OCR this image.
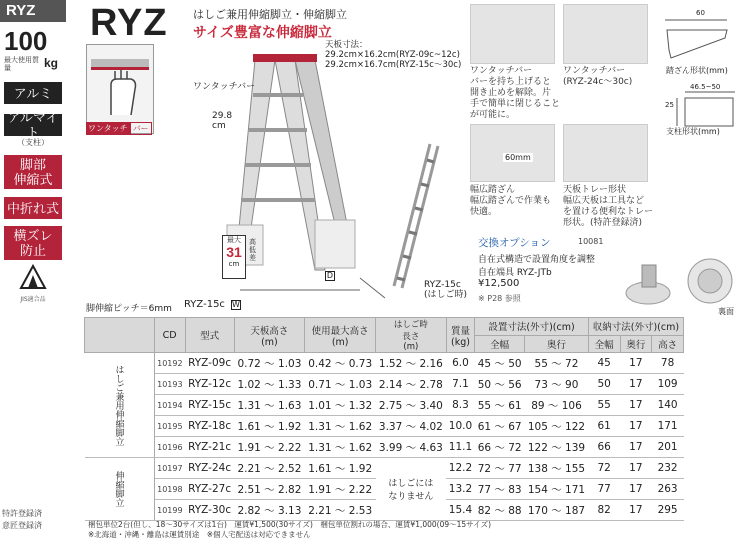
RYZ
100
最大使用質量	kg
アルミ
アルマイト
（支柱）
脚部
伸縮式
中折れ式
横ズレ
防止
JIS適合品
特許登録済
意匠登録済
RYZ はしご兼用伸縮脚立・伸縮脚立
サイズ豊富な伸縮脚立
ワンタッチ バー
天板寸法：
29.2cm×16.2cm(RYZ-09c~12c)
29.2cm×16.7cm(RYZ-15c～30c)
ワンタッチバー
29.8
cm
最大
31
cm
高低差
RYZ-15c W
D
脚伸縮ピッチ＝6mm
RYZ-15c
(はしご時)
ワンタッチバー
バーを持ち上げると
開き止めを解除。片
手で簡単に閉じることが可能に。
ワンタッチバー
(RYZ-24c～30c)
60mm
幅広踏ざん
幅広踏ざんで作業も
快適。
天板トレー形状
幅広天板は工具など
を置ける便利なトレー
形状。(特許登録済)
60
踏ざん形状(mm)
46.5~50
25
支柱形状(mm)
交換オプション	10081
自在式構造で設置角度を調整
自在端具 RYZ-JTb
¥12,500
※ P28 参照
裏面
	CD	型式	天板高さ
(m)	使用最大高さ
(m)	はしご時
長さ
(m)	質量
(kg)	設置寸法(外寸)(cm)		収納寸法(外寸)(cm)		
							全幅	奥行	全幅	奥行	高さ
はしご兼用伸縮脚立	10192	RYZ-09c	0.72 ～ 1.03	0.42 ～ 0.73	1.52 ～ 2.16	6.0	45 ～ 50	55 ～ 72	45	17	78
	10193	RYZ-12c	1.02 ～ 1.33	0.71 ～ 1.03	2.14 ～ 2.78	7.1	50 ～ 56	73 ～ 90	50	17	109
	10194	RYZ-15c	1.31 ～ 1.63	1.01 ～ 1.32	2.75 ～ 3.40	8.3	55 ～ 61	89 ～ 106	55	17	140
	10195	RYZ-18c	1.61 ～ 1.92	1.31 ～ 1.62	3.37 ～ 4.02	10.0	61 ～ 67	105 ～ 122	61	17	171
	10196	RYZ-21c	1.91 ～ 2.22	1.31 ～ 1.62	3.99 ～ 4.63	11.1	66 ～ 72	122 ～ 139	66	17	201
伸縮脚立	10197	RYZ-24c	2.21 ～ 2.52	1.61 ～ 1.92	はしごには
なりません	12.2	72 ～ 77	138 ～ 155	72	17	232
	10198	RYZ-27c	2.51 ～ 2.82	1.91 ～ 2.22		13.2	77 ～ 83	154 ～ 171	77	17	263
	10199	RYZ-30c	2.82 ～ 3.13	2.21 ～ 2.53		15.4	82 ～ 88	170 ～ 187	82	17	295
梱包単位2台(但し、18～30サイズは1台)　運賃¥1,500(30サイズ)　梱包単位割れの場合、運賃¥1,000(09～15サイズ)
※北海道・沖縄・離島は運賃別途　※個人宅配送は対応できません
